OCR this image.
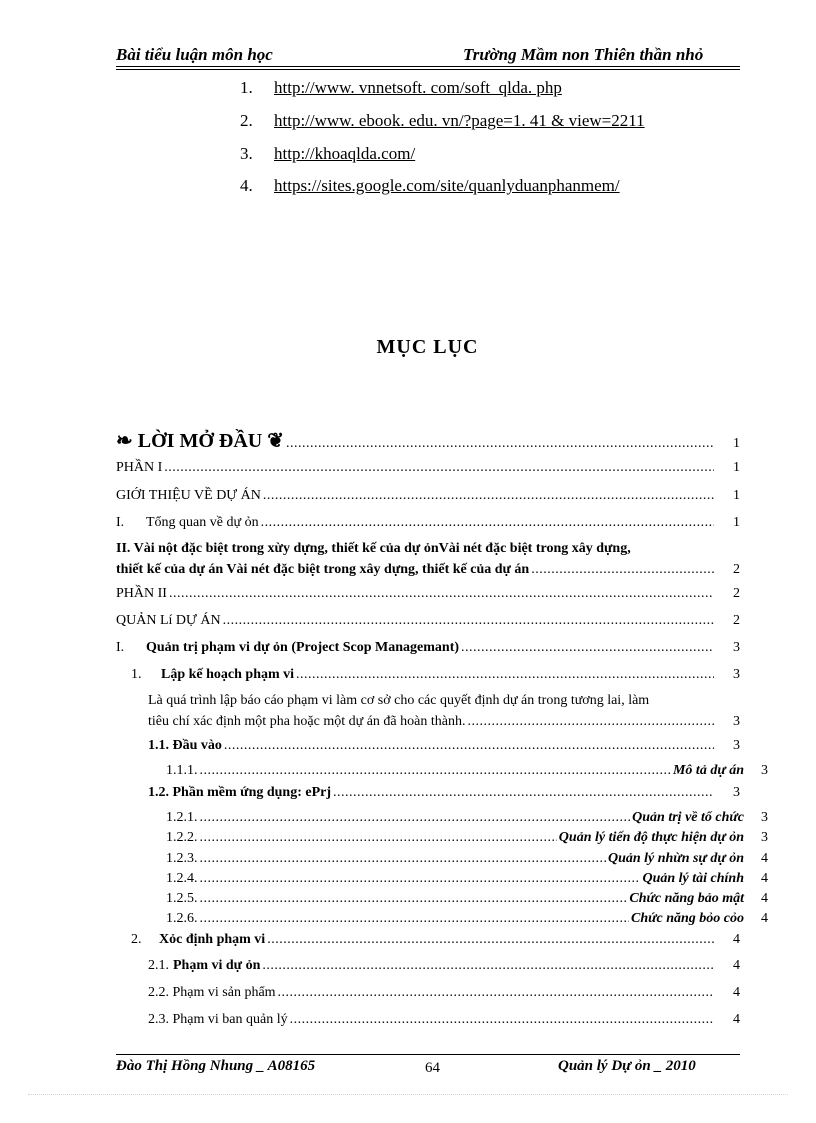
Bài tiểu luận môn học	Trường Mầm non Thiên thần nhỏ
1. http://www. vnnetsoft. com/soft_qlda. php
2. http://www. ebook. edu. vn/?page=1. 41 & view=2211
3. http://khoaqlda.com/
4. https://sites.google.com/site/quanlyduanphanmem/
MỤC LỤC
❧ LỜI MỞ ĐẦU ❦ .....	1
PHẦN I .....	1
GIỚI THIỆU VỀ DỰ ÁN .....	1
I. Tổng quan về dự ỏn .....	1
II. Vài nột đặc biệt trong xừy dựng, thiết kế của dự ỏnVài nét đặc biệt trong xây dựng,
thiết kế của dự án Vài nét đặc biệt trong xây dựng, thiết kế của dự án .....	2
PHẦN II .....	2
QUẢN Lí DỰ ÁN .....	2
I. Quản trị phạm vi dự ỏn (Project Scop Managemant) .....	3
1. Lập kế hoạch phạm vi .....	3
Là quá trình lập báo cáo phạm vi làm cơ sở cho các quyết định dự án trong tương lai, làm
tiêu chí xác định một pha hoặc một dự án đã hoàn thành. .....	3
1.1. Đầu vào .....	3
1.1.1. .....	Mô tả dự án	3
1.2. Phần mềm ứng dụng: ePrj .....	3
1.2.1. .....	Quản trị về tổ chức	3
1.2.2. .....	Quản lý tiến độ thực hiện dự ỏn	3
1.2.3. .....	Quản lý nhừn sự dự ỏn	4
1.2.4. .....	Quản lý tài chính	4
1.2.5. .....	Chức năng bảo mật	4
1.2.6. .....	Chức năng bỏo cỏo	4
2. Xỏc định phạm vi .....	4
2.1. Phạm vi dự ỏn .....	4
2.2. Phạm vi sản phẩm .....	4
2.3. Phạm vi ban quản lý .....	4
Đào Thị Hồng Nhung _ A08165	64	Quản lý Dự ỏn _ 2010
